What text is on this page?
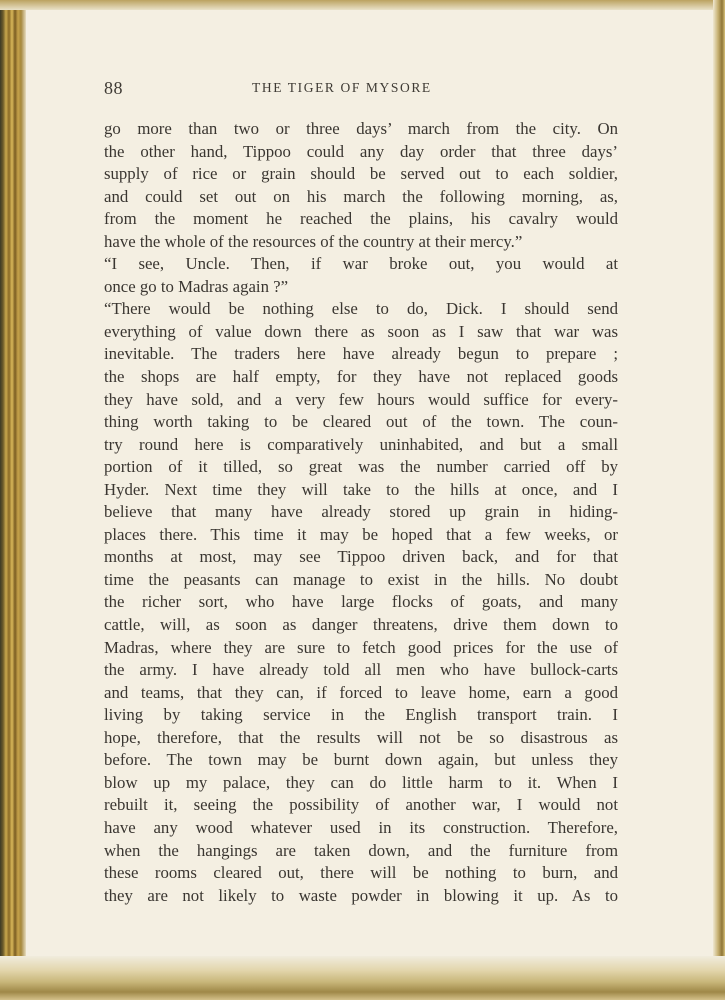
88	THE TIGER OF MYSORE
go more than two or three days’ march from the city. On
the other hand, Tippoo could any day order that three days’
supply of rice or grain should be served out to each soldier,
and could set out on his march the following morning, as,
from the moment he reached the plains, his cavalry would
have the whole of the resources of the country at their mercy.”
“I see, Uncle. Then, if war broke out, you would at
once go to Madras again ?”
“There would be nothing else to do, Dick. I should send
everything of value down there as soon as I saw that war was
inevitable. The traders here have already begun to prepare ;
the shops are half empty, for they have not replaced goods
they have sold, and a very few hours would suffice for every-
thing worth taking to be cleared out of the town. The coun-
try round here is comparatively uninhabited, and but a small
portion of it tilled, so great was the number carried off by
Hyder. Next time they will take to the hills at once, and I
believe that many have already stored up grain in hiding-
places there. This time it may be hoped that a few weeks, or
months at most, may see Tippoo driven back, and for that
time the peasants can manage to exist in the hills. No doubt
the richer sort, who have large flocks of goats, and many
cattle, will, as soon as danger threatens, drive them down to
Madras, where they are sure to fetch good prices for the use of
the army. I have already told all men who have bullock-carts
and teams, that they can, if forced to leave home, earn a good
living by taking service in the English transport train. I
hope, therefore, that the results will not be so disastrous as
before. The town may be burnt down again, but unless they
blow up my palace, they can do little harm to it. When I
rebuilt it, seeing the possibility of another war, I would not
have any wood whatever used in its construction. Therefore,
when the hangings are taken down, and the furniture from
these rooms cleared out, there will be nothing to burn, and
they are not likely to waste powder in blowing it up. As to
